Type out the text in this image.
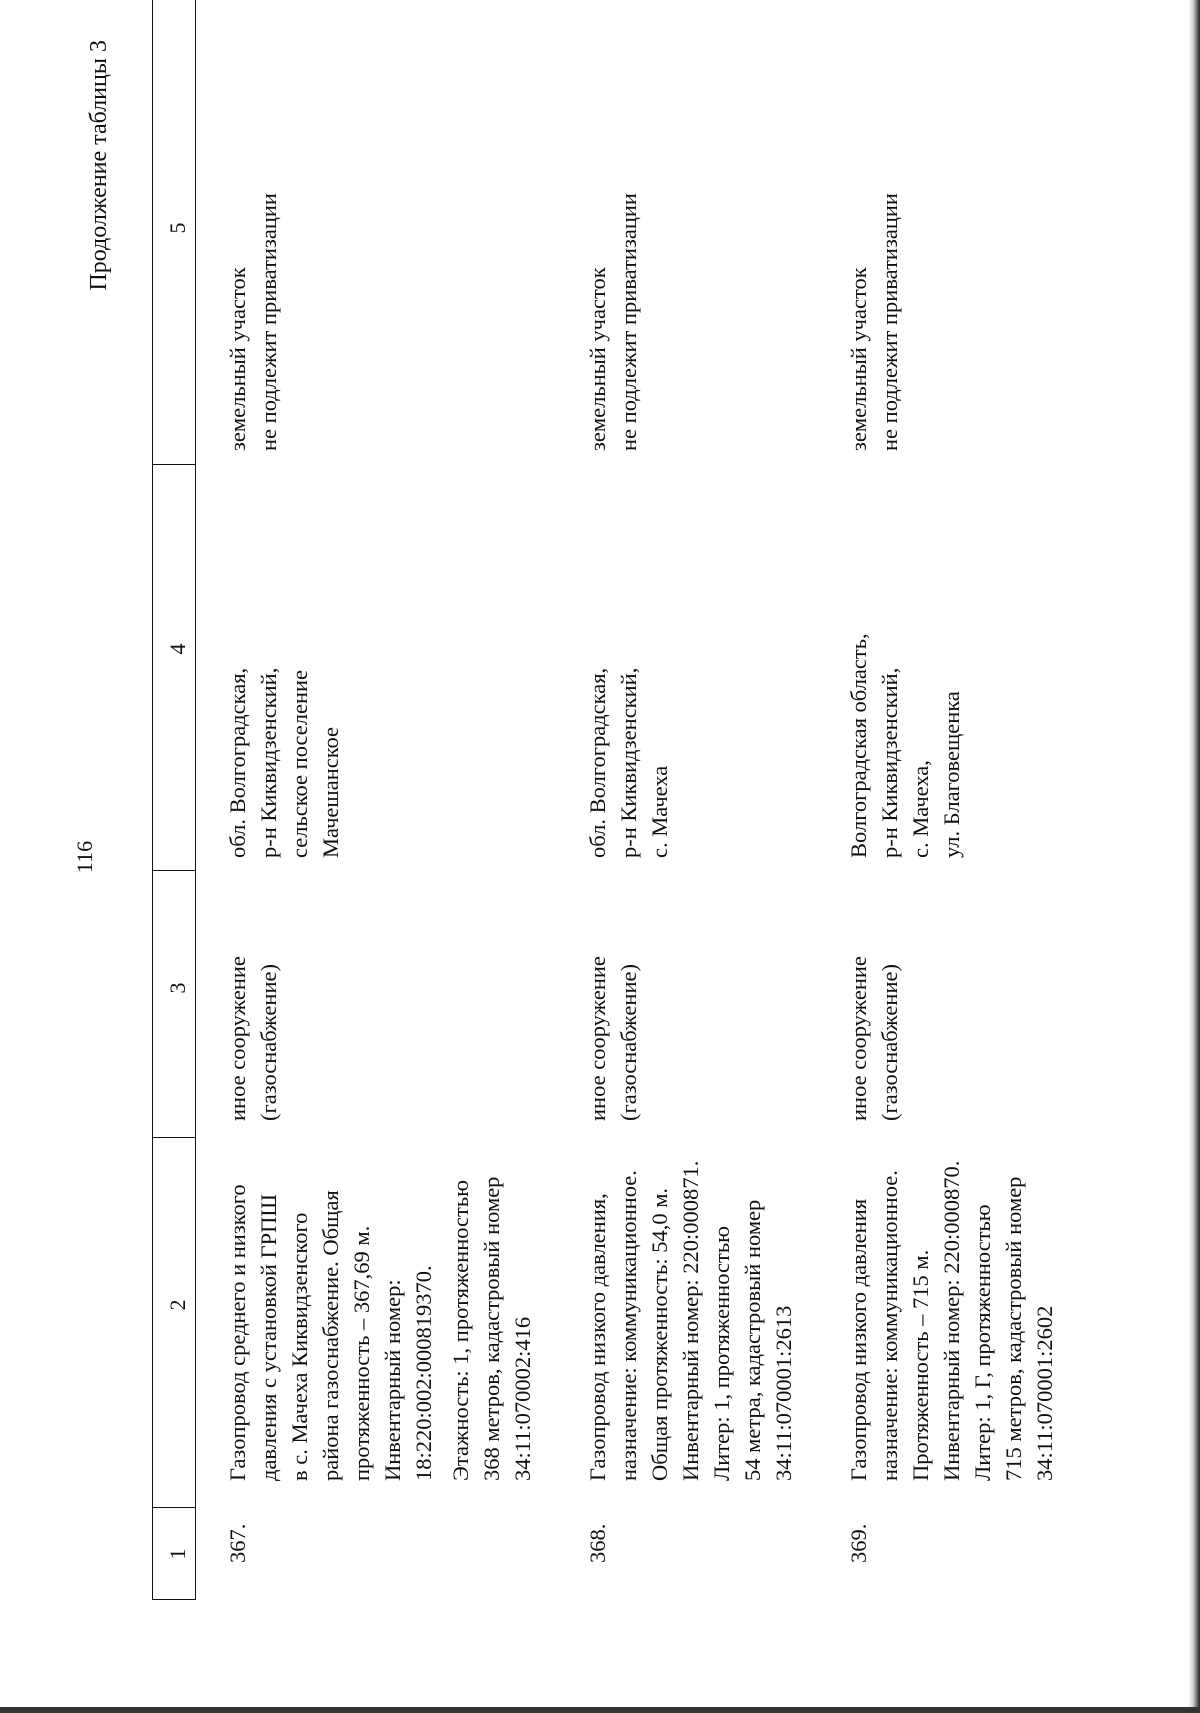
116
Продолжение таблицы 3
1
2
3
4
5
367.
Газопровод среднего и низкого давления с установкой ГРПШ в с. Мачеха Киквидзенского района газоснабжение. Общая протяженность – 367,69 м. Инвентарный номер: 18:220:002:000819370. Этажность: 1, протяженностью 368 метров, кадастровый номер 34:11:070002:416
иное сооружение (газоснабжение)
обл. Волгоградская, р-н Киквидзенский, сельское поселение Мачешанское
земельный участок не подлежит приватизации
368.
Газопровод низкого давления, назначение: коммуникационное. Общая протяженность: 54,0 м. Инвентарный номер: 220:000871. Литер: 1, протяженностью 54 метра, кадастровый номер 34:11:070001:2613
иное сооружение (газоснабжение)
обл. Волгоградская, р-н Киквидзенский, с. Мачеха
земельный участок не подлежит приватизации
369.
Газопровод низкого давления назначение: коммуникационное. Протяженность – 715 м. Инвентарный номер: 220:000870. Литер: 1, Г, протяженностью 715 метров, кадастровый номер 34:11:070001:2602
иное сооружение (газоснабжение)
Волгоградская область, р-н Киквидзенский, с. Мачеха, ул. Благовещенка
земельный участок не подлежит приватизации
